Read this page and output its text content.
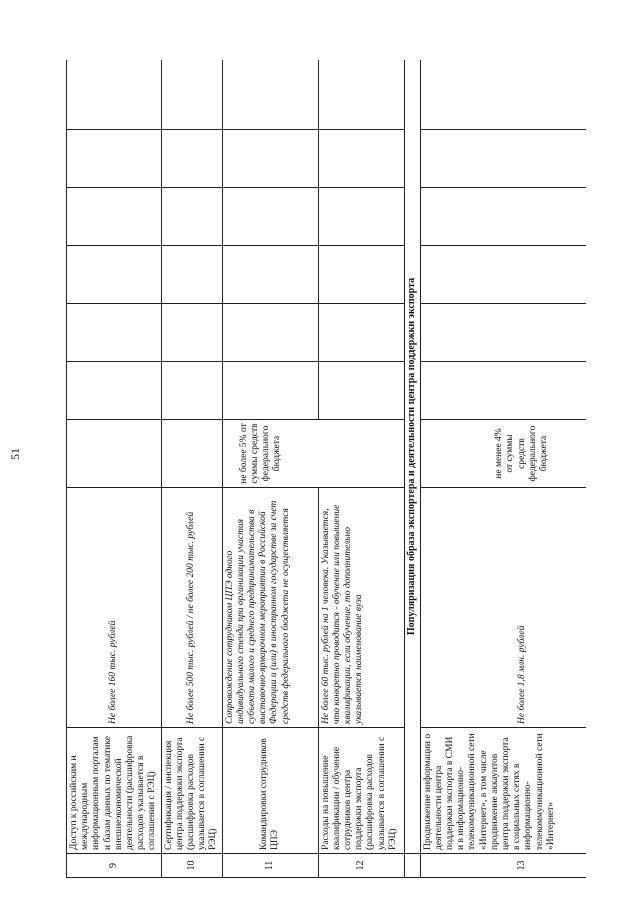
51
9	Доступ к российским и международным информационным порталам и базам данных по тематике внешнеэкономической деятельности (расшифровка расходов указывается в соглашении с РЭЦ)	Не более 160 тыс. рублей							
10	Сертификация / инспекция центра поддержки экспорта (расшифровка расходов указывается в соглашении с РЭЦ)	Не более 500 тыс. рублей / не более 200 тыс. рублей							
11	Командировки сотрудников ЦПЭ	Сопровождение сотрудником ЦПЭ одного индивидуального стенда при организации участия субъекта малого и среднего предпринимательства в выставочно-ярмарочном мероприятии в Российской Федерации и (или) в иностранном государстве за счет средств федерального бюджета не осуществляется	не более 5% от суммы средств федерального бюджета						
12	Расходы на повышение квалификации / обучение сотрудников центра поддержки экспорта (расшифровка расходов указывается в соглашении с РЭЦ)	Не более 60 тыс. рублей на 1 человека. Указывается, что конкретно проводится - обучение или повышение квалификации, если обучение, то дополнительно указывается наименование вуза							
	Популяризация образа экспортера и деятельности центра поддержки экспорта								
13	Продвижение информации о деятельности центра поддержки экспорта в СМИ и в информационно-телекоммуникационной сети «Интернет», в том числе продвижение аккаунтов центра поддержки экспорта в социальных сетях в информационно-телекоммуникационной сети «Интернет»	Не более 1,8 млн. рублей	не менее 4% от суммы средств федерального бюджета						
